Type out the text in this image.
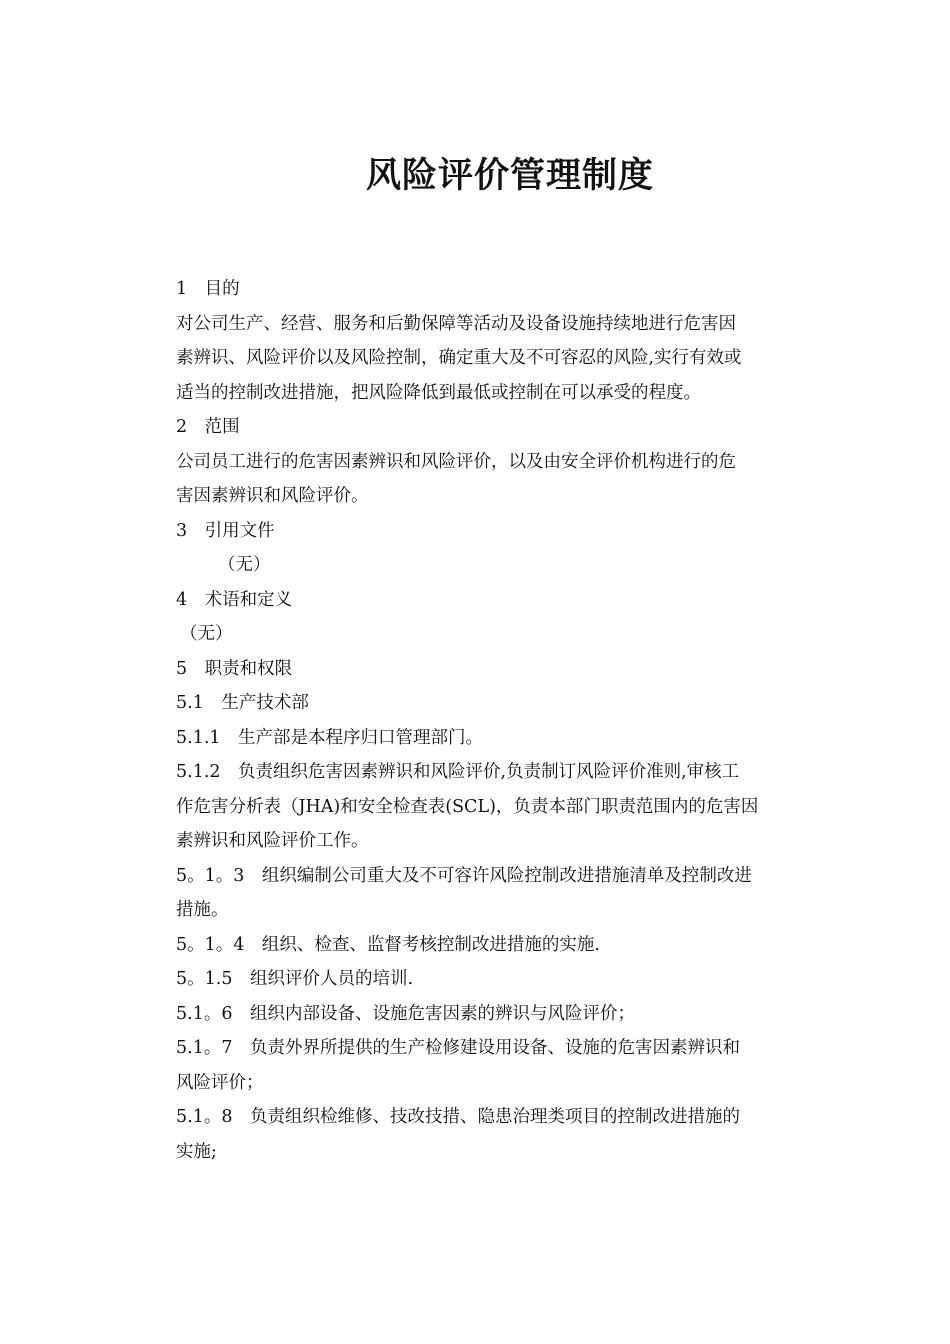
风险评价管理制度
1　目的
对公司生产、经营、服务和后勤保障等活动及设备设施持续地进行危害因
素辨识、风险评价以及风险控制，确定重大及不可容忍的风险,实行有效或
适当的控制改进措施，把风险降低到最低或控制在可以承受的程度。
2　范围
公司员工进行的危害因素辨识和风险评价，以及由安全评价机构进行的危
害因素辨识和风险评价。
3　引用文件
（无）
4　术语和定义
（无）
5　职责和权限
5.1　生产技术部
5.1.1　生产部是本程序归口管理部门。
5.1.2　负责组织危害因素辨识和风险评价,负责制订风险评价准则,审核工
作危害分析表（JHA)和安全检查表(SCL)，负责本部门职责范围内的危害因
素辨识和风险评价工作。
5。1。3　组织编制公司重大及不可容许风险控制改进措施清单及控制改进
措施。
5。1。4　组织、检查、监督考核控制改进措施的实施.
5。1.5　组织评价人员的培训.
5.1。6　组织内部设备、设施危害因素的辨识与风险评价；
5.1。7　负责外界所提供的生产检修建设用设备、设施的危害因素辨识和
风险评价；
5.1。8　负责组织检维修、技改技措、隐患治理类项目的控制改进措施的
实施;
